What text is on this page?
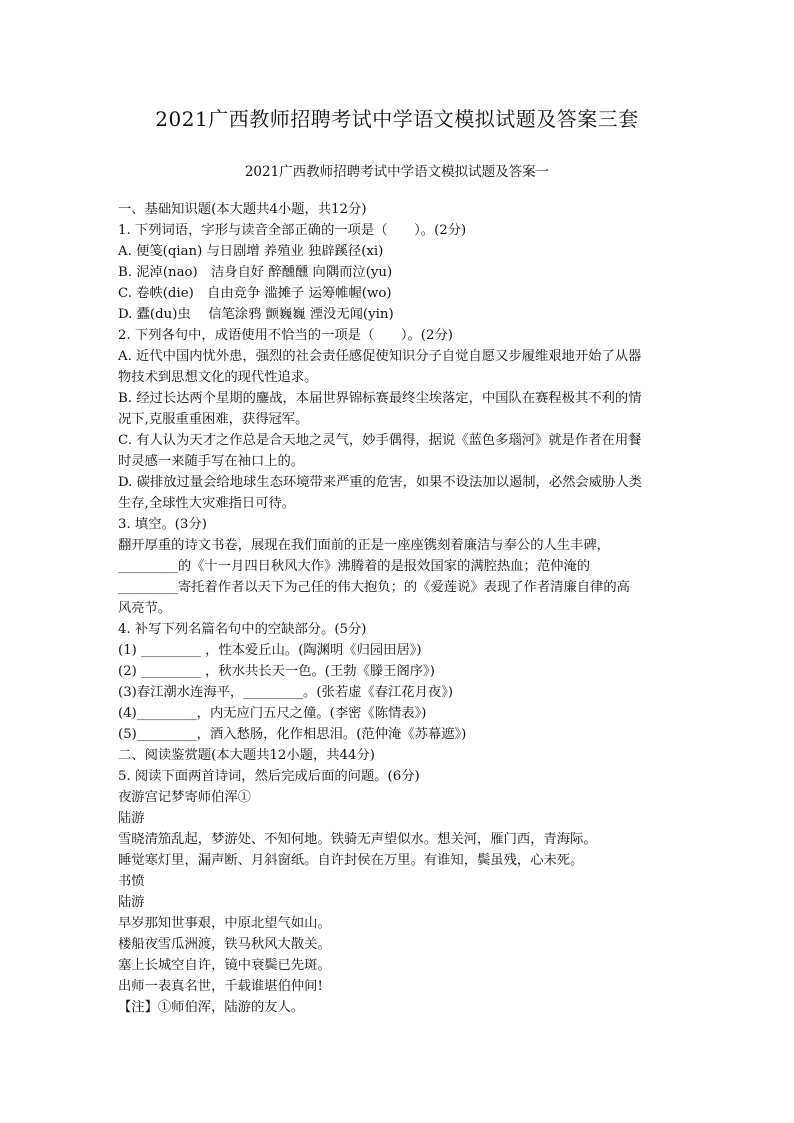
2021广西教师招聘考试中学语文模拟试题及答案三套
2021广西教师招聘考试中学语文模拟试题及答案一
一、基础知识题(本大题共4小题，共12分)
1. 下列词语，字形与读音全部正确的一项是（　　）。(2分)
A. 便笺(qian) 与日剧增 养殖业 独辟蹊径(xi)
B. 泥淖(nao)　洁身自好 醉醺醺 向隅而泣(yu)
C. 卷帙(die)　自由竞争 滥摊子 运筹帷幄(wo)
D. 蠹(du)虫　 信笔涂鸦 颤巍巍 湮没无闻(yin)
2. 下列各句中，成语使用不恰当的一项是（　　）。(2分)
A. 近代中国内忧外患，强烈的社会责任感促使知识分子自觉自愿又步履维艰地开始了从器
物技术到思想文化的现代性追求。
B. 经过长达两个星期的鏖战，本届世界锦标赛最终尘埃落定，中国队在赛程极其不利的情
况下,克服重重困难，获得冠军。
C. 有人认为天才之作总是合天地之灵气，妙手偶得，据说《蓝色多瑙河》就是作者在用餐
时灵感一来随手写在袖口上的。
D. 碳排放过量会给地球生态环境带来严重的危害，如果不设法加以遏制，必然会威胁人类
生存,全球性大灾难指日可待。
3. 填空。(3分)
翻开厚重的诗文书卷，展现在我们面前的正是一座座镌刻着廉洁与奉公的人生丰碑，
_________的《十一月四日秋风大作》沸腾着的是报效国家的满腔热血；范仲淹的
_________寄托着作者以天下为己任的伟大抱负；的《爱莲说》表现了作者清廉自律的高
风亮节。
4. 补写下列名篇名句中的空缺部分。(5分)
(1) _________ ，性本爱丘山。(陶渊明《归园田居》)
(2) _________ ，秋水共长天一色。(王勃《滕王阁序》)
(3)春江潮水连海平，_________。(张若虚《春江花月夜》)
(4)_________，内无应门五尺之僮。(李密《陈情表》)
(5)_________，酒入愁肠，化作相思泪。(范仲淹《苏幕遮》)
二、阅读鉴赏题(本大题共12小题，共44分)
5. 阅读下面两首诗词，然后完成后面的问题。(6分)
夜游宫记梦寄师伯浑①
陆游
雪晓清笳乱起，梦游处、不知何地。铁骑无声望似水。想关河，雁门西，青海际。
睡觉寒灯里，漏声断、月斜窗纸。自许封侯在万里。有谁知，鬓虽残，心未死。
书愤
陆游
早岁那知世事艰，中原北望气如山。
楼船夜雪瓜洲渡，铁马秋风大散关。
塞上长城空自许，镜中衰鬓已先斑。
出师一表真名世，千载谁堪伯仲间!
【注】①师伯浑，陆游的友人。
